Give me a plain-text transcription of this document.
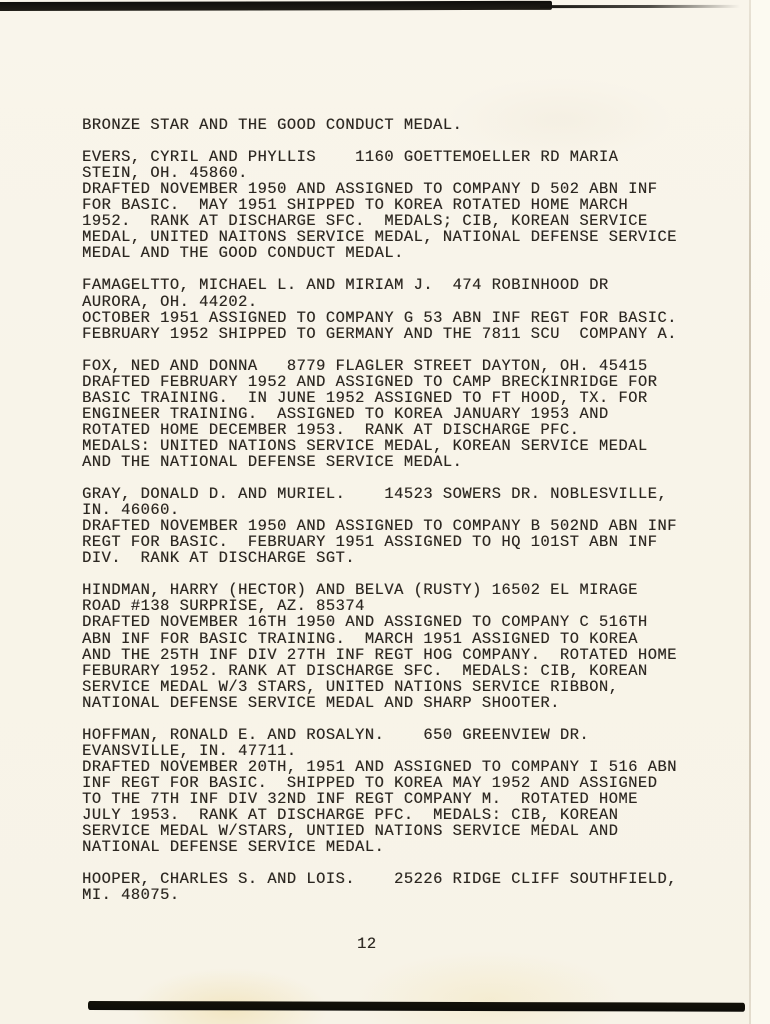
BRONZE STAR AND THE GOOD CONDUCT MEDAL.
EVERS, CYRIL AND PHYLLIS    1160 GOETTEMOELLER RD MARIA
STEIN, OH. 45860.
DRAFTED NOVEMBER 1950 AND ASSIGNED TO COMPANY D 502 ABN INF
FOR BASIC.  MAY 1951 SHIPPED TO KOREA ROTATED HOME MARCH
1952.  RANK AT DISCHARGE SFC.  MEDALS; CIB, KOREAN SERVICE
MEDAL, UNITED NAITONS SERVICE MEDAL, NATIONAL DEFENSE SERVICE
MEDAL AND THE GOOD CONDUCT MEDAL.
FAMAGELTTO, MICHAEL L. AND MIRIAM J.  474 ROBINHOOD DR
AURORA, OH. 44202.
OCTOBER 1951 ASSIGNED TO COMPANY G 53 ABN INF REGT FOR BASIC.
FEBRUARY 1952 SHIPPED TO GERMANY AND THE 7811 SCU  COMPANY A.
FOX, NED AND DONNA   8779 FLAGLER STREET DAYTON, OH. 45415
DRAFTED FEBRUARY 1952 AND ASSIGNED TO CAMP BRECKINRIDGE FOR
BASIC TRAINING.  IN JUNE 1952 ASSIGNED TO FT HOOD, TX. FOR
ENGINEER TRAINING.  ASSIGNED TO KOREA JANUARY 1953 AND
ROTATED HOME DECEMBER 1953.  RANK AT DISCHARGE PFC.
MEDALS: UNITED NATIONS SERVICE MEDAL, KOREAN SERVICE MEDAL
AND THE NATIONAL DEFENSE SERVICE MEDAL.
GRAY, DONALD D. AND MURIEL.    14523 SOWERS DR. NOBLESVILLE,
IN. 46060.
DRAFTED NOVEMBER 1950 AND ASSIGNED TO COMPANY B 502ND ABN INF
REGT FOR BASIC.  FEBRUARY 1951 ASSIGNED TO HQ 101ST ABN INF
DIV.  RANK AT DISCHARGE SGT.
HINDMAN, HARRY (HECTOR) AND BELVA (RUSTY) 16502 EL MIRAGE
ROAD #138 SURPRISE, AZ. 85374
DRAFTED NOVEMBER 16TH 1950 AND ASSIGNED TO COMPANY C 516TH
ABN INF FOR BASIC TRAINING.  MARCH 1951 ASSIGNED TO KOREA
AND THE 25TH INF DIV 27TH INF REGT HOG COMPANY.  ROTATED HOME
FEBURARY 1952. RANK AT DISCHARGE SFC.  MEDALS: CIB, KOREAN
SERVICE MEDAL W/3 STARS, UNITED NATIONS SERVICE RIBBON,
NATIONAL DEFENSE SERVICE MEDAL AND SHARP SHOOTER.
HOFFMAN, RONALD E. AND ROSALYN.    650 GREENVIEW DR.
EVANSVILLE, IN. 47711.
DRAFTED NOVEMBER 20TH, 1951 AND ASSIGNED TO COMPANY I 516 ABN
INF REGT FOR BASIC.  SHIPPED TO KOREA MAY 1952 AND ASSIGNED
TO THE 7TH INF DIV 32ND INF REGT COMPANY M.  ROTATED HOME
JULY 1953.  RANK AT DISCHARGE PFC.  MEDALS: CIB, KOREAN
SERVICE MEDAL W/STARS, UNTIED NATIONS SERVICE MEDAL AND
NATIONAL DEFENSE SERVICE MEDAL.
HOOPER, CHARLES S. AND LOIS.    25226 RIDGE CLIFF SOUTHFIELD,
MI. 48075.
12
